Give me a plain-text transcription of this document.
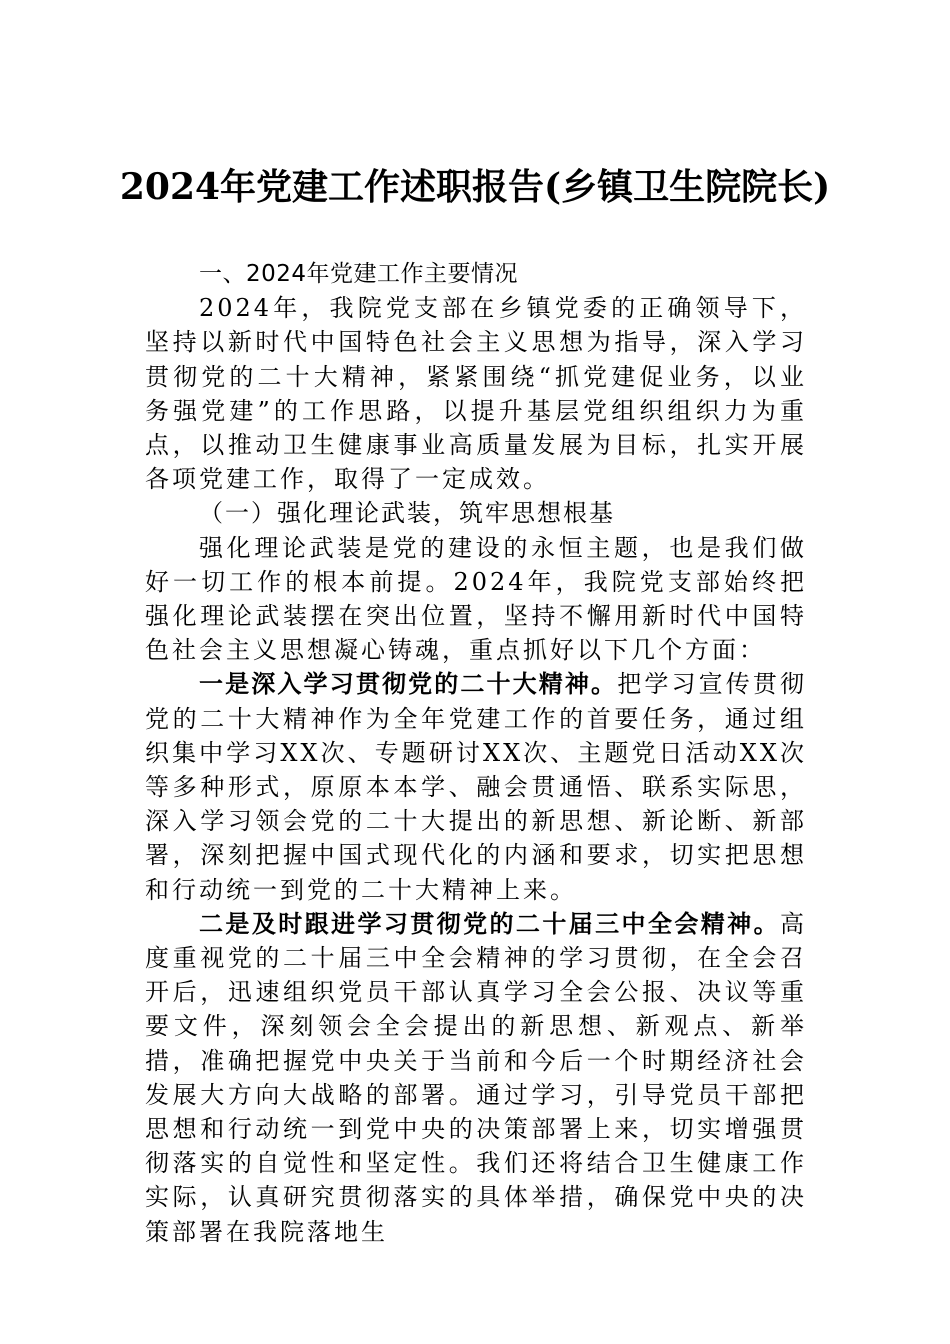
2024年党建工作述职报告(乡镇卫生院院长)

一、2024年党建工作主要情况

2024年，我院党支部在乡镇党委的正确领导下，坚持以新时代中国特色社会主义思想为指导，深入学习贯彻党的二十大精神，紧紧围绕“抓党建促业务，以业务强党建”的工作思路，以提升基层党组织组织力为重点，以推动卫生健康事业高质量发展为目标，扎实开展各项党建工作，取得了一定成效。

（一）强化理论武装，筑牢思想根基

强化理论武装是党的建设的永恒主题，也是我们做好一切工作的根本前提。2024年，我院党支部始终把强化理论武装摆在突出位置，坚持不懈用新时代中国特色社会主义思想凝心铸魂，重点抓好以下几个方面：

一是深入学习贯彻党的二十大精神。把学习宣传贯彻党的二十大精神作为全年党建工作的首要任务，通过组织集中学习XX次、专题研讨XX次、主题党日活动XX次等多种形式，原原本本学、融会贯通悟、联系实际思，深入学习领会党的二十大提出的新思想、新论断、新部署，深刻把握中国式现代化的内涵和要求，切实把思想和行动统一到党的二十大精神上来。

二是及时跟进学习贯彻党的二十届三中全会精神。高度重视党的二十届三中全会精神的学习贯彻，在全会召开后，迅速组织党员干部认真学习全会公报、决议等重要文件，深刻领会全会提出的新思想、新观点、新举措，准确把握党中央关于当前和今后一个时期经济社会发展大方向大战略的部署。通过学习，引导党员干部把思想和行动统一到党中央的决策部署上来，切实增强贯彻落实的自觉性和坚定性。我们还将结合卫生健康工作实际，认真研究贯彻落实的具体举措，确保党中央的决策部署在我院落地生
